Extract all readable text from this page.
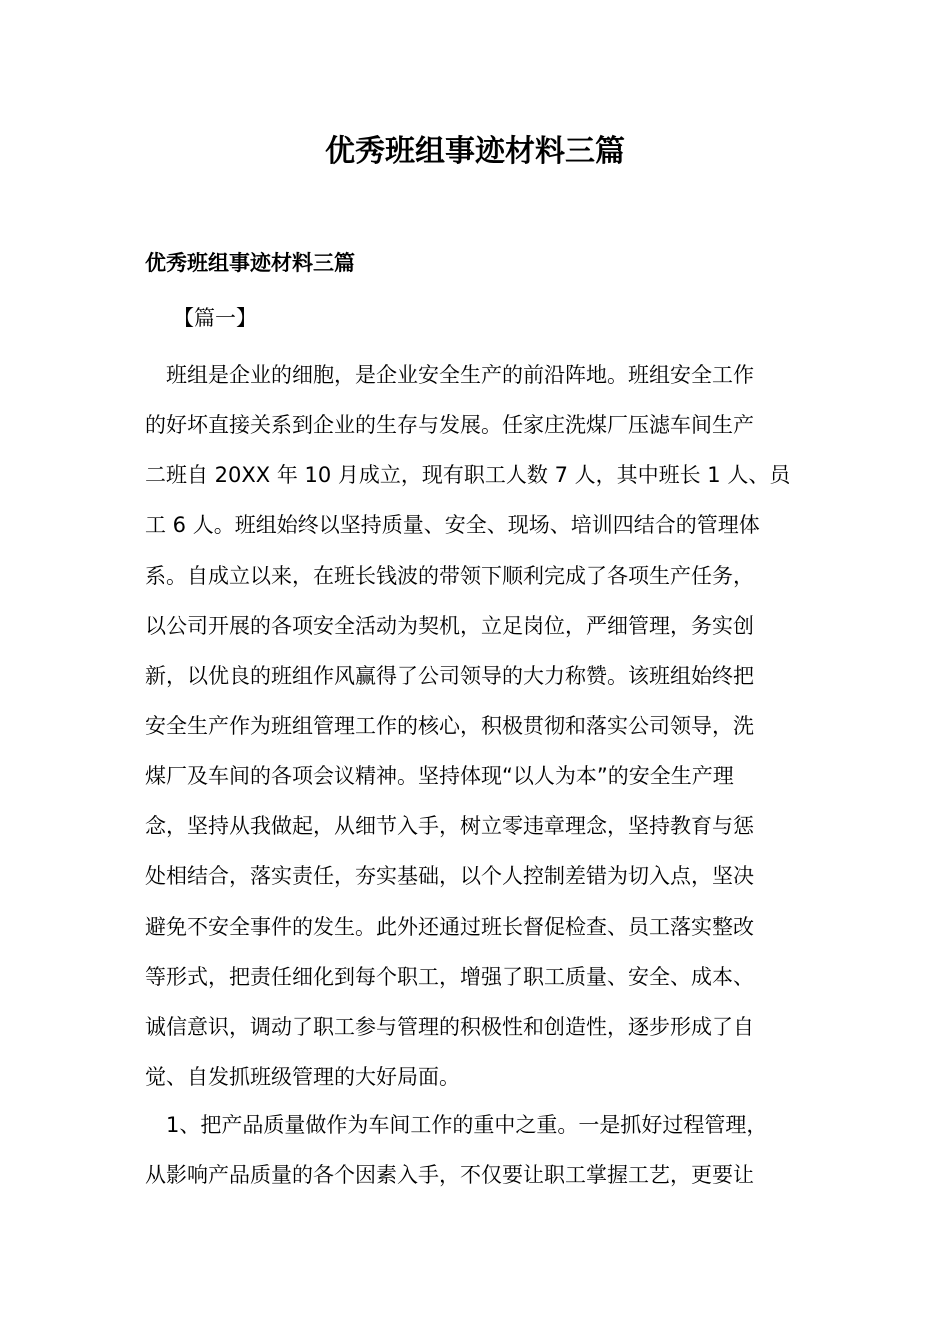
优秀班组事迹材料三篇
优秀班组事迹材料三篇

【篇一】

　班组是企业的细胞，是企业安全生产的前沿阵地。班组安全工作
的好坏直接关系到企业的生存与发展。任家庄洗煤厂压滤车间生产
二班自 20XX 年 10 月成立，现有职工人数 7 人，其中班长 1 人、员
工 6 人。班组始终以坚持质量、安全、现场、培训四结合的管理体
系。自成立以来，在班长钱波的带领下顺利完成了各项生产任务，
以公司开展的各项安全活动为契机，立足岗位，严细管理，务实创
新，以优良的班组作风赢得了公司领导的大力称赞。该班组始终把
安全生产作为班组管理工作的核心，积极贯彻和落实公司领导，洗
煤厂及车间的各项会议精神。坚持体现“以人为本”的安全生产理
念，坚持从我做起，从细节入手，树立零违章理念，坚持教育与惩
处相结合，落实责任，夯实基础，以个人控制差错为切入点，坚决
避免不安全事件的发生。此外还通过班长督促检查、员工落实整改
等形式，把责任细化到每个职工，增强了职工质量、安全、成本、
诚信意识，调动了职工参与管理的积极性和创造性，逐步形成了自
觉、自发抓班级管理的大好局面。
　1、把产品质量做作为车间工作的重中之重。一是抓好过程管理，
从影响产品质量的各个因素入手，不仅要让职工掌握工艺，更要让
